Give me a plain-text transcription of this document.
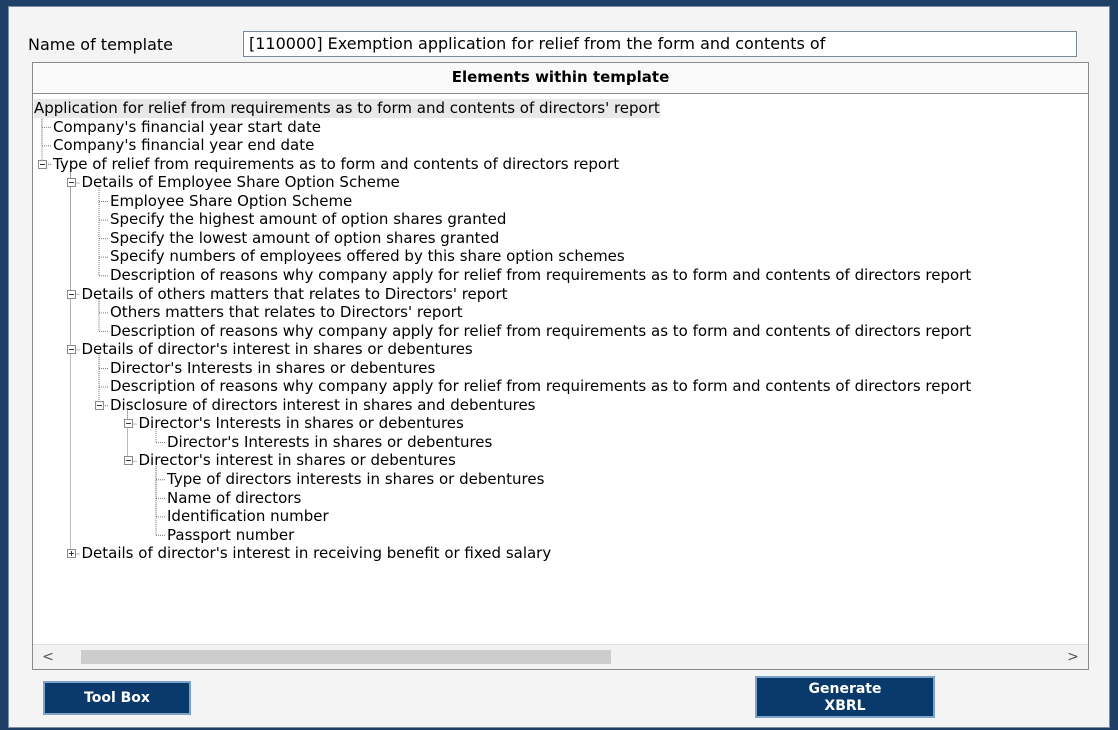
Name of template	[110000] Exemption application for relief from the form and contents of
Elements within template
Application for relief from requirements as to form and contents of directors' report
Company's financial year start date
Company's financial year end date
Type of relief from requirements as to form and contents of directors report
Details of Employee Share Option Scheme
Employee Share Option Scheme
Specify the highest amount of option shares granted
Specify the lowest amount of option shares granted
Specify numbers of employees offered by this share option schemes
Description of reasons why company apply for relief from requirements as to form and contents of directors report
Details of others matters that relates to Directors' report
Others matters that relates to Directors' report
Description of reasons why company apply for relief from requirements as to form and contents of directors report
Details of director's interest in shares or debentures
Director's Interests in shares or debentures
Description of reasons why company apply for relief from requirements as to form and contents of directors report
Disclosure of directors interest in shares and debentures
Director's Interests in shares or debentures
Director's Interests in shares or debentures
Director's interest in shares or debentures
Type of directors interests in shares or debentures
Name of directors
Identification number
Passport number
Details of director's interest in receiving benefit or fixed salary
<	>
Tool Box
Generate
XBRL
